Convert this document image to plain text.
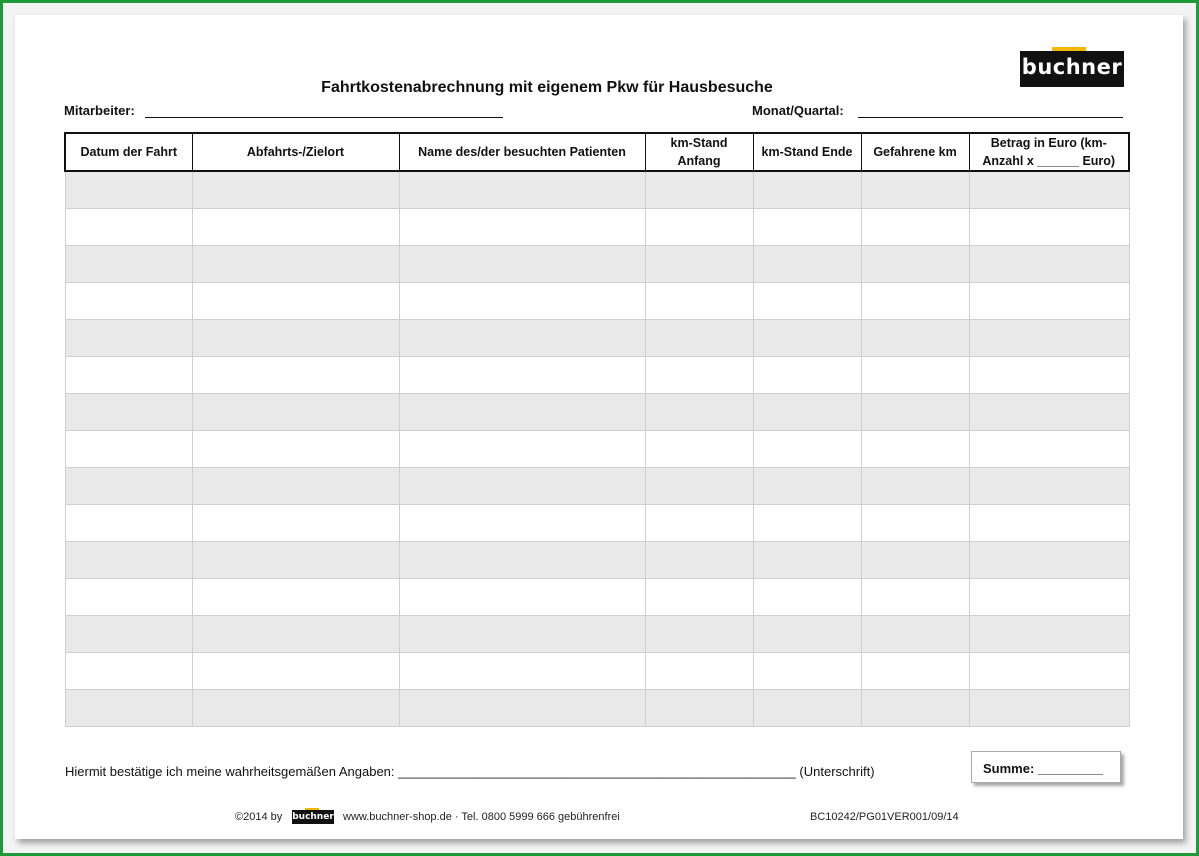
Fahrtkostenabrechnung mit eigenem Pkw für Hausbesuche
buchner
Mitarbeiter:	Monat/Quartal:
Datum der Fahrt	Abfahrts-/Zielort	Name des/der besuchten Patienten	km-Stand Anfang	km-Stand Ende	Gefahrene km	Betrag in Euro (km-Anzahl x ______ Euro)

Hiermit bestätige ich meine wahrheitsgemäßen Angaben: _______________________________________________________ (Unterschrift)	Summe: _________
©2014 by buchner www.buchner-shop.de · Tel. 0800 5999 666 gebührenfrei	BC10242/PG01VER001/09/14
